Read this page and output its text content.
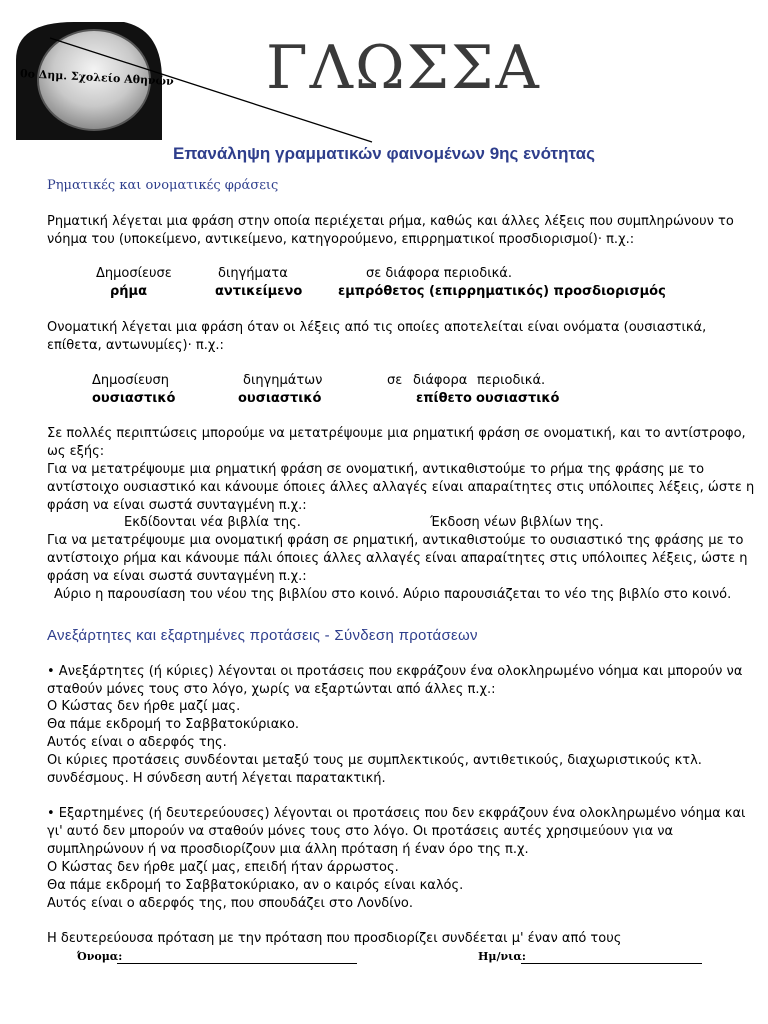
0ο Δημ. Σχολείο Αθηνών ΓΛΩΣΣΑ
Επανάληψη γραμματικών φαινομένων 9ης ενότητας
Ρηματικές και ονοματικές φράσεις
Ρηματική λέγεται μια φράση στην οποία περιέχεται ρήμα, καθώς και άλλες λέξεις που συμπληρώνουν το
νόημα του (υποκείμενο, αντικείμενο, κατηγορούμενο, επιρρηματικοί προσδιορισμοί)· π.χ.:
Δημοσίευσε	διηγήματα	σε διάφορα περιοδικά.
ρήμα	αντικείμενο	εμπρόθετος (επιρρηματικός) προσδιορισμός
Ονοματική λέγεται μια φράση όταν οι λέξεις από τις οποίες αποτελείται είναι ονόματα (ουσιαστικά,
επίθετα, αντωνυμίες)· π.χ.:
Δημοσίευση	διηγημάτων	σε διάφορα περιοδικά.
ουσιαστικό	ουσιαστικό	επίθετο ουσιαστικό
Σε πολλές περιπτώσεις μπορούμε να μετατρέψουμε μια ρηματική φράση σε ονοματική, και το αντίστροφο,
ως εξής:
Για να μετατρέψουμε μια ρηματική φράση σε ονοματική, αντικαθιστούμε το ρήμα της φράσης με το
αντίστοιχο ουσιαστικό και κάνουμε όποιες άλλες αλλαγές είναι απαραίτητες στις υπόλοιπες λέξεις, ώστε η
φράση να είναι σωστά συνταγμένη π.χ.:
Εκδίδονται νέα βιβλία της.	Έκδοση νέων βιβλίων της.
Για να μετατρέψουμε μια ονοματική φράση σε ρηματική, αντικαθιστούμε το ουσιαστικό της φράσης με το
αντίστοιχο ρήμα και κάνουμε πάλι όποιες άλλες αλλαγές είναι απαραίτητες στις υπόλοιπες λέξεις, ώστε η
φράση να είναι σωστά συνταγμένη π.χ.:
Αύριο η παρουσίαση του νέου της βιβλίου στο κοινό. Αύριο παρουσιάζεται το νέο της βιβλίο στο κοινό.
Ανεξάρτητες και εξαρτημένες προτάσεις - Σύνδεση προτάσεων
• Ανεξάρτητες (ή κύριες) λέγονται οι προτάσεις που εκφράζουν ένα ολοκληρωμένο νόημα και μπορούν να
σταθούν μόνες τους στο λόγο, χωρίς να εξαρτώνται από άλλες π.χ.:
Ο Κώστας δεν ήρθε μαζί μας.
Θα πάμε εκδρομή το Σαββατοκύριακο.
Αυτός είναι ο αδερφός της.
Οι κύριες προτάσεις συνδέονται μεταξύ τους με συμπλεκτικούς, αντιθετικούς, διαχωριστικούς κτλ.
συνδέσμους. Η σύνδεση αυτή λέγεται παρατακτική.
• Εξαρτημένες (ή δευτερεύουσες) λέγονται οι προτάσεις που δεν εκφράζουν ένα ολοκληρωμένο νόημα και
γι' αυτό δεν μπορούν να σταθούν μόνες τους στο λόγο. Οι προτάσεις αυτές χρησιμεύουν για να
συμπληρώνουν ή να προσδιορίζουν μια άλλη πρόταση ή έναν όρο της π.χ.
Ο Κώστας δεν ήρθε μαζί μας, επειδή ήταν άρρωστος.
Θα πάμε εκδρομή το Σαββατοκύριακο, αν ο καιρός είναι καλός.
Αυτός είναι ο αδερφός της, που σπουδάζει στο Λονδίνο.
Η δευτερεύουσα πρόταση με την πρόταση που προσδιορίζει συνδέεται μ' έναν από τους
Όνομα:	Ημ/νια:
